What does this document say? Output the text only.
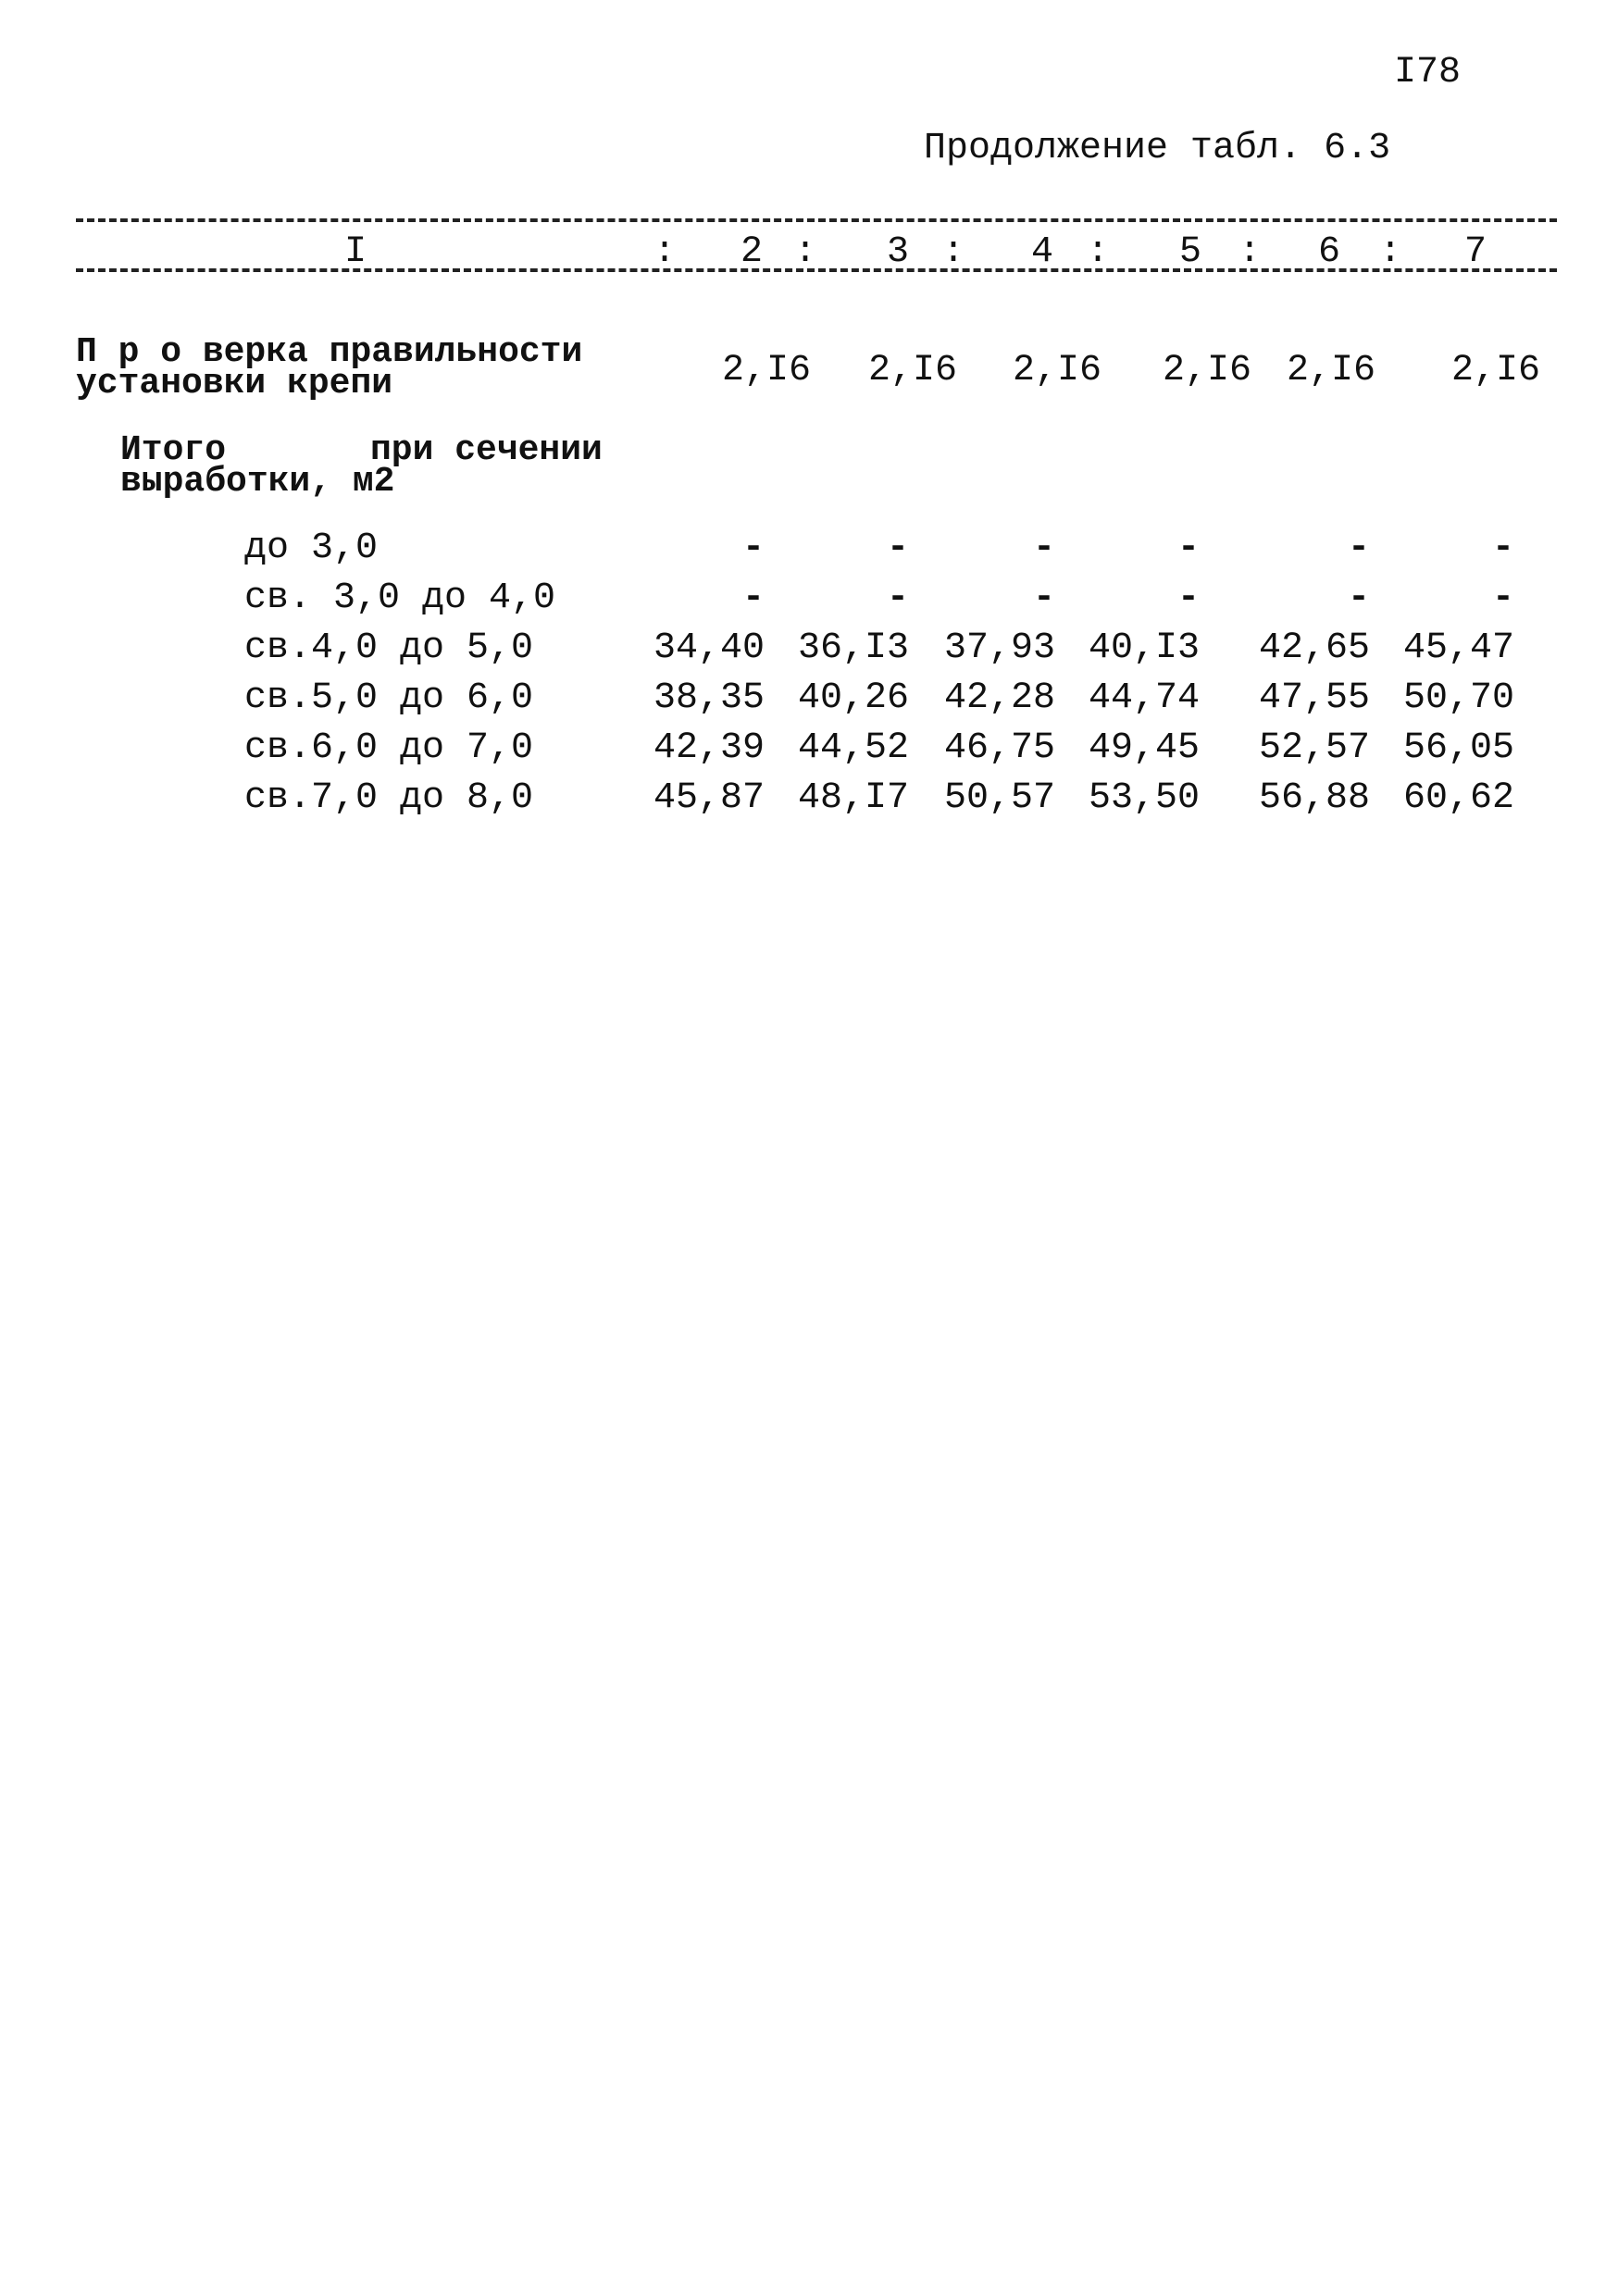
I78
Продолжение табл. 6.3
I	:	2 :	3 :	4 :	5	:	6	:	7
П р о верка правильности
установки крепи	2,I6	2,I6	2,I6	2,I6 2,I6	2,I6
Итого	при сечении
выработки, м2
до 3,0	-	-	-	-	-	-
св. 3,0 до 4,0	-	-	-	-	-	-
св.4,0 до 5,0	34,40 36,I3 37,93 40,I3 42,65 45,47
св.5,0 до 6,0	38,35 40,26 42,28 44,74 47,55 50,70
св.6,0 до 7,0	42,39 44,52 46,75 49,45 52,57 56,05
св.7,0 до 8,0	45,87 48,I7 50,57 53,50 56,88 60,62
